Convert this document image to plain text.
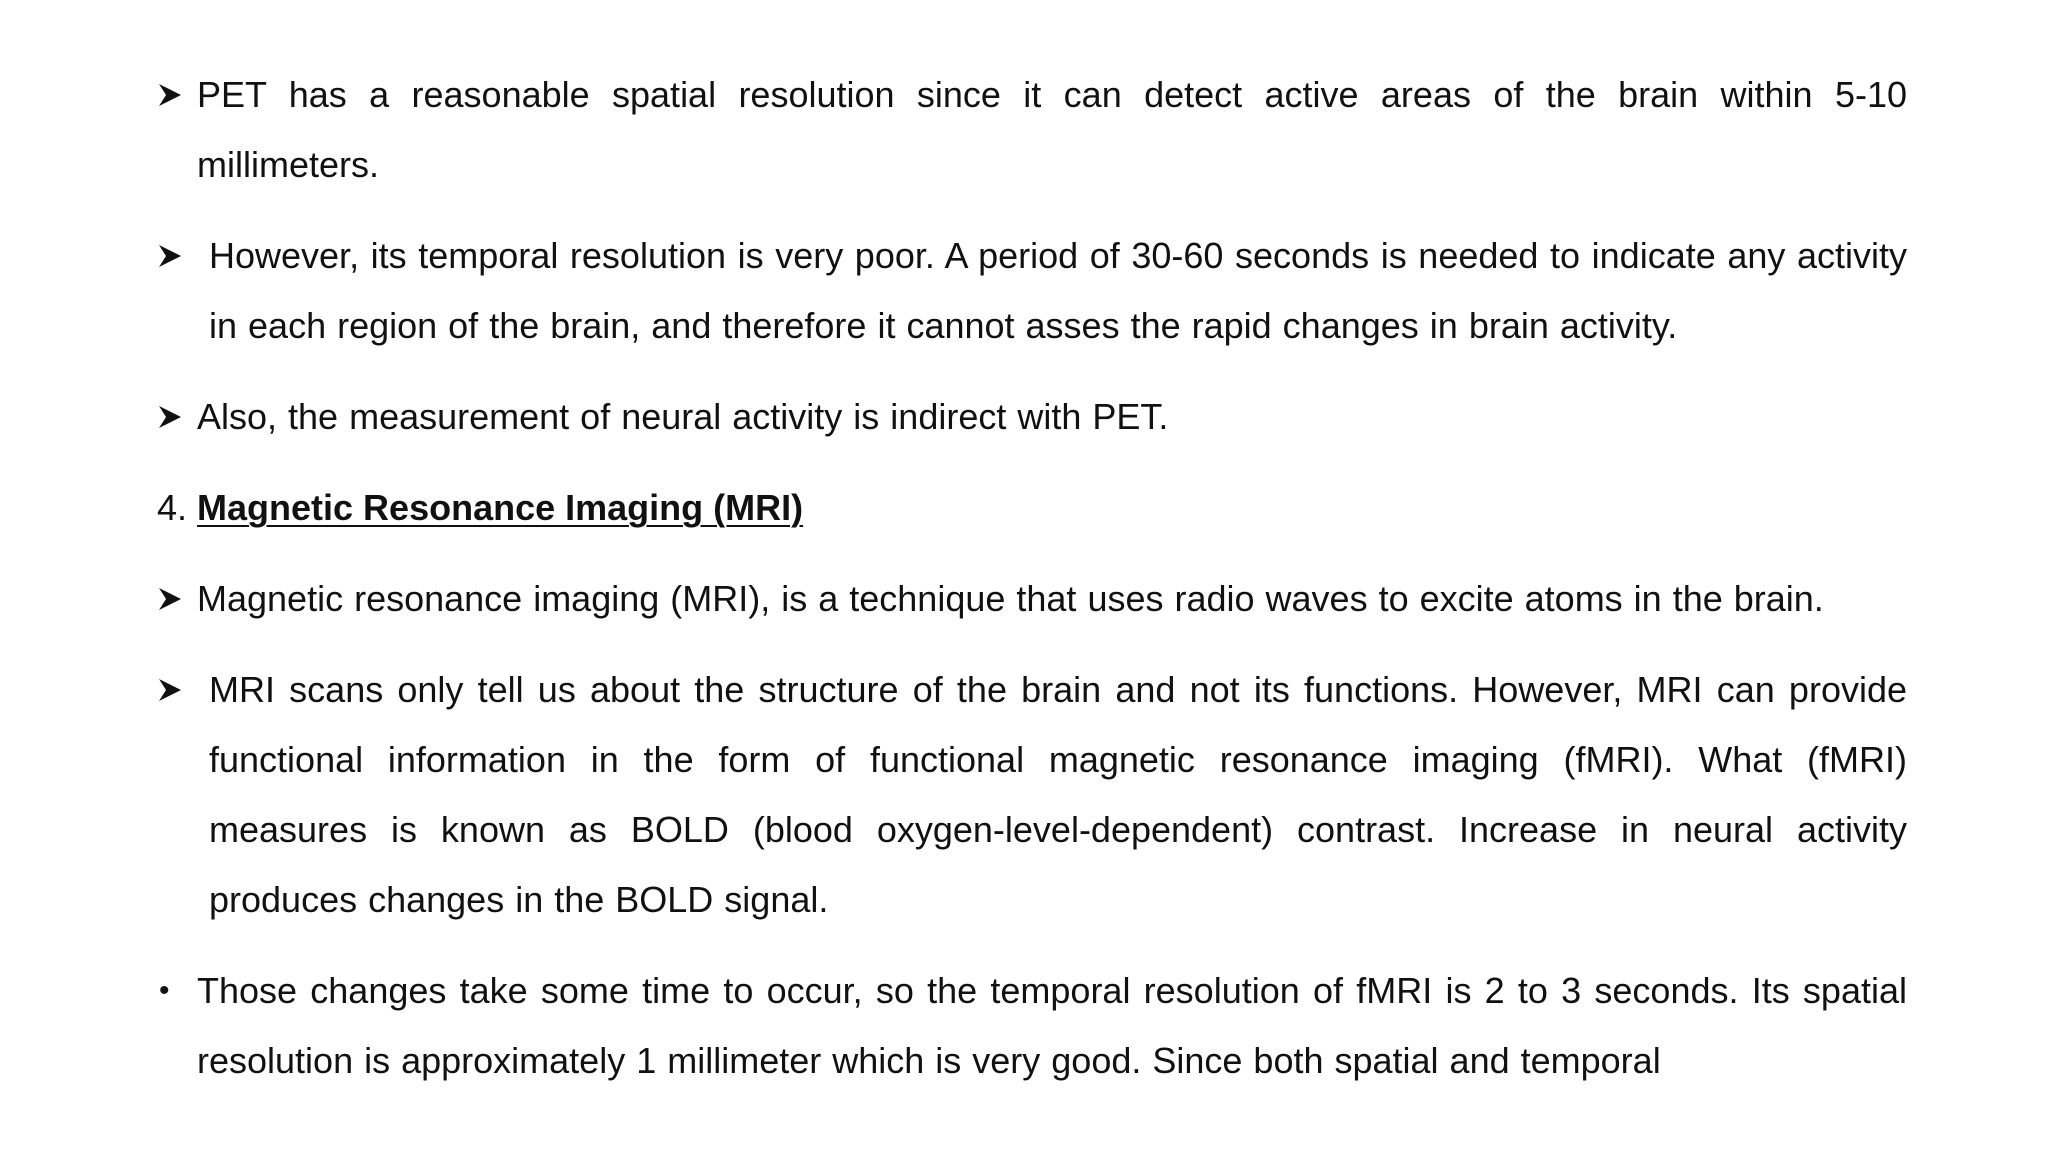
PET has a reasonable spatial resolution since it can detect active areas of the brain within 5-10 millimeters.
However, its temporal resolution is very poor. A period of 30-60 seconds is needed to indicate any activity in each region of the brain, and therefore it cannot asses the rapid changes in brain activity.
Also, the measurement of neural activity is indirect with PET.
4. Magnetic Resonance Imaging (MRI)
Magnetic resonance imaging (MRI), is a technique that uses radio waves to excite atoms in the brain.
MRI scans only tell us about the structure of the brain and not its functions. However, MRI can provide functional information in the form of functional magnetic resonance imaging (fMRI). What (fMRI) measures is known as BOLD (blood oxygen-level-dependent) contrast. Increase in neural activity produces changes in the BOLD signal.
• Those changes take some time to occur, so the temporal resolution of fMRI is 2 to 3 seconds. Its spatial resolution is approximately 1 millimeter which is very good. Since both spatial and temporal
